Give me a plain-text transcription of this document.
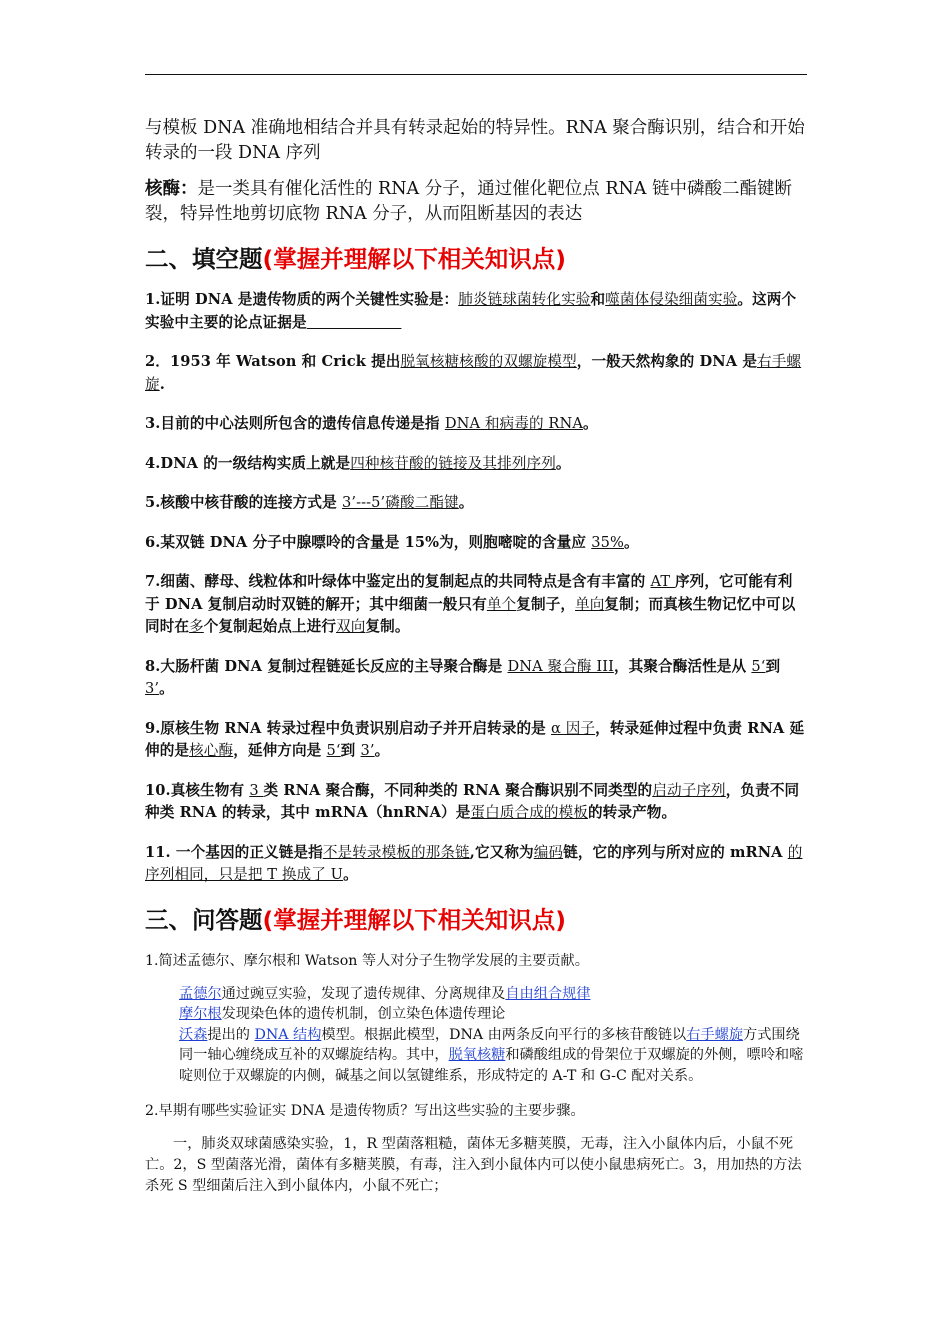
与模板 DNA 准确地相结合并具有转录起始的特异性。RNA 聚合酶识别，结合和开始转录的一段 DNA 序列

核酶：是一类具有催化活性的 RNA 分子，通过催化靶位点 RNA 链中磷酸二酯键断裂，特异性地剪切底物 RNA 分子，从而阻断基因的表达

二、填空题(掌握并理解以下相关知识点)

1.证明 DNA 是遗传物质的两个关键性实验是：肺炎链球菌转化实验和噬菌体侵染细菌实验。这两个实验中主要的论点证据是

2．1953 年 Watson 和 Crick 提出脱氧核糖核酸的双螺旋模型，一般天然构象的 DNA 是右手螺旋.

3.目前的中心法则所包含的遗传信息传递是指 DNA 和病毒的 RNA。

4.DNA 的一级结构实质上就是四种核苷酸的链接及其排列序列。

5.核酸中核苷酸的连接方式是 3’---5’磷酸二酯键。

6.某双链 DNA 分子中腺嘌呤的含量是 15%为，则胞嘧啶的含量应 35%。

7.细菌、酵母、线粒体和叶绿体中鉴定出的复制起点的共同特点是含有丰富的 AT 序列，它可能有利于 DNA 复制启动时双链的解开；其中细菌一般只有单个复制子，单向复制；而真核生物记忆中可以同时在多个复制起始点上进行双向复制。

8.大肠杆菌 DNA 复制过程链延长反应的主导聚合酶是 DNA 聚合酶 III，其聚合酶活性是从 5‘到 3’。

9.原核生物 RNA 转录过程中负责识别启动子并开启转录的是 α 因子，转录延伸过程中负责 RNA 延伸的是核心酶，延伸方向是 5‘到 3’。

10.真核生物有 3 类 RNA 聚合酶，不同种类的 RNA 聚合酶识别不同类型的启动子序列，负责不同种类 RNA 的转录，其中 mRNA（hnRNA）是蛋白质合成的模板的转录产物。

11. 一个基因的正义链是指不是转录模板的那条链,它又称为编码链，它的序列与所对应的 mRNA 的序列相同，只是把 T 换成了 U。

三、问答题(掌握并理解以下相关知识点)

1.简述孟德尔、摩尔根和 Watson 等人对分子生物学发展的主要贡献。

孟德尔通过豌豆实验，发现了遗传规律、分离规律及自由组合规律
摩尔根发现染色体的遗传机制，创立染色体遗传理论
沃森提出的 DNA 结构模型。根据此模型，DNA 由两条反向平行的多核苷酸链以右手螺旋方式围绕同一轴心缠绕成互补的双螺旋结构。其中，脱氧核糖和磷酸组成的骨架位于双螺旋的外侧，嘌呤和嘧啶则位于双螺旋的内侧，碱基之间以氢键维系，形成特定的 A-T 和 G-C 配对关系。

2.早期有哪些实验证实 DNA 是遗传物质？写出这些实验的主要步骤。

一，肺炎双球菌感染实验，1，R 型菌落粗糙，菌体无多糖荚膜，无毒，注入小鼠体内后，小鼠不死亡。2，S 型菌落光滑，菌体有多糖荚膜，有毒，注入到小鼠体内可以使小鼠患病死亡。3，用加热的方法杀死 S 型细菌后注入到小鼠体内，小鼠不死亡；
